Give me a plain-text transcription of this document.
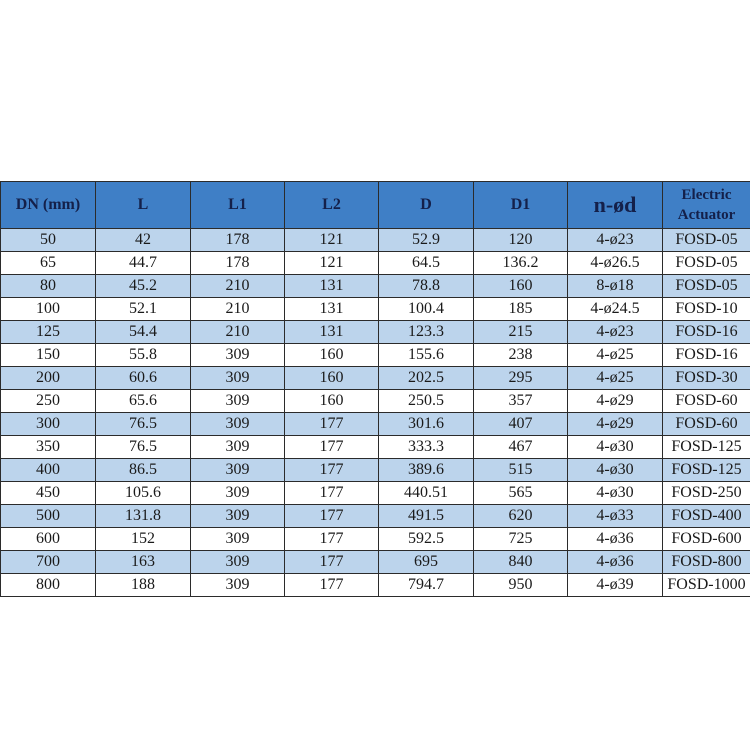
DN (mm)	L	L1	L2	D	D1	n-ød	Electric
Actuator
50	42	178	121	52.9	120	4-ø23	FOSD-05
65	44.7	178	121	64.5	136.2	4-ø26.5	FOSD-05
80	45.2	210	131	78.8	160	8-ø18	FOSD-05
100	52.1	210	131	100.4	185	4-ø24.5	FOSD-10
125	54.4	210	131	123.3	215	4-ø23	FOSD-16
150	55.8	309	160	155.6	238	4-ø25	FOSD-16
200	60.6	309	160	202.5	295	4-ø25	FOSD-30
250	65.6	309	160	250.5	357	4-ø29	FOSD-60
300	76.5	309	177	301.6	407	4-ø29	FOSD-60
350	76.5	309	177	333.3	467	4-ø30	FOSD-125
400	86.5	309	177	389.6	515	4-ø30	FOSD-125
450	105.6	309	177	440.51	565	4-ø30	FOSD-250
500	131.8	309	177	491.5	620	4-ø33	FOSD-400
600	152	309	177	592.5	725	4-ø36	FOSD-600
700	163	309	177	695	840	4-ø36	FOSD-800
800	188	309	177	794.7	950	4-ø39	FOSD-1000
